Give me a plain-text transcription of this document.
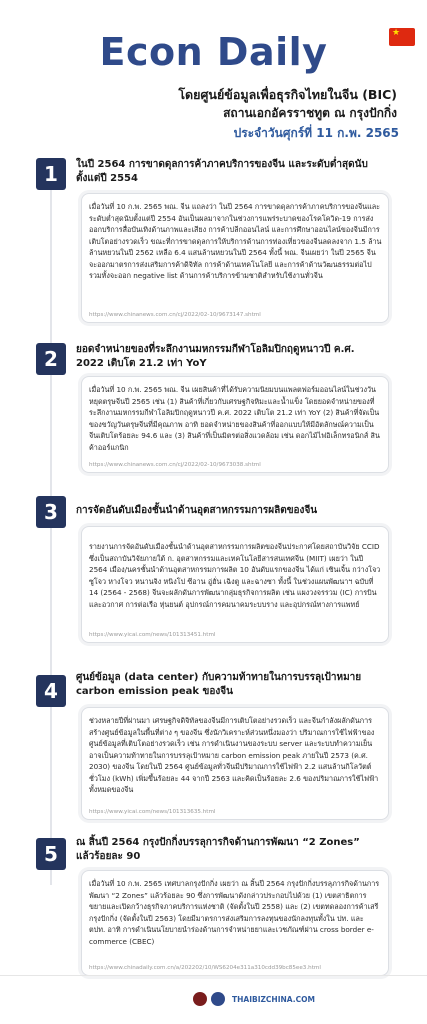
Econ Daily	★
โดยศูนย์ข้อมูลเพื่อธุรกิจไทยในจีน (BIC)
สถานเอกอัครราชทูต ณ กรุงปักกิ่ง
ประจำวันศุกร์ที่ 11 ก.พ. 2565
1	ในปี 2564 การขาดดุลการค้าภาคบริการของจีน และระดับต่ำสุดนับตั้งแต่ปี 2554
เมื่อวันที่ 10 ก.พ. 2565 พณ. จีน แถลงว่า ในปี 2564 การขาดดุลการค้าภาคบริการของจีนและระดับต่ำสุดนับตั้งแต่ปี 2554 อันเป็นผลมาจากในช่วงการแพร่ระบาดของโรคโควิด-19 การส่งออกบริการสื่อบันเทิงด้านภาพและเสียง การค้าปลีกออนไลน์ และการศึกษาออนไลน์ของจีนมีการเติบโตอย่างรวดเร็ว ขณะที่การขาดดุลการให้บริการด้านการท่องเที่ยวของจีนลดลงจาก 1.5 ล้านล้านหยวนในปี 2562 เหลือ 6.4 แสนล้านหยวนในปี 2564 ทั้งนี้ พณ. จีนเผยว่า ในปี 2565 จีนจะออกมาตรการส่งเสริมการค้าดิจิทัล การค้าด้านเทคโนโลยี และการค้าด้านวัฒนธรรมต่อไป รวมทั้งจะออก negative list ด้านการค้าบริการข้ามชาติสำหรับใช้งานทั่วจีน
https://www.chinanews.com.cn/cj/2022/02-10/9673147.shtml
2	ยอดจำหน่ายของที่ระลึกงานมหกรรมกีฬาโอลิมปิกฤดูหนาวปี ค.ศ. 2022 เติบโต 21.2 เท่า YoY
เมื่อวันที่ 10 ก.พ. 2565 พณ. จีน เผยสินค้าที่ได้รับความนิยมบนแพลตฟอร์มออนไลน์ในช่วงวันหยุดตรุษจีนปี 2565 เช่น (1) สินค้าที่เกี่ยวกับเศรษฐกิจหิมะและน้ำแข็ง โดยยอดจำหน่ายของที่ระลึกงานมหกรรมกีฬาโอลิมปิกฤดูหนาวปี ค.ศ. 2022 เติบโต 21.2 เท่า YoY (2) สินค้าที่จัดเป็นของขวัญวันตรุษจีนที่มีคุณภาพ อาทิ ยอดจำหน่ายของสินค้าที่ออกแบบให้มีอัตลักษณ์ความเป็นจีนเติบโตร้อยละ 94.6 และ (3) สินค้าที่เป็นมิตรต่อสิ่งแวดล้อม เช่น ดอกไม้ไฟอิเล็กทรอนิกส์ สินค้าออร์แกนิก
https://www.chinanews.com.cn/cj/2022/02-10/9673038.shtml
3	การจัดอันดับเมืองชั้นนำด้านอุตสาหกรรมการผลิตของจีน
รายงานการจัดอันดับเมืองชั้นนำด้านอุตสาหกรรมการผลิตของจีนประกาศโดยสถาบันวิจัย CCID ซึ่งเป็นสถาบันวิจัยภายใต้ ก. อุตสาหกรรมและเทคโนโลยีสารสนเทศจีน (MIIT) เผยว่า ในปี 2564 เมือง/นครชั้นนำด้านอุตสาหกรรมการผลิต 10 อันดับแรกของจีน ได้แก่ เซินเจิ้น กว่างโจว ซูโจว หางโจว หนานจิง หนิงโป ซีอาน อู่ฮั่น เฉิงตู และฉางซา ทั้งนี้ ในช่วงแผนพัฒนาฯ ฉบับที่ 14 (2564 - 2568) จีนจะผลักดันการพัฒนากลุ่มธุรกิจการผลิต เช่น แผงวงจรรวม (IC) การบินและอวกาศ การต่อเรือ หุ่นยนต์ อุปกรณ์การคมนาคมระบบราง และอุปกรณ์ทางการแพทย์
https://www.yicai.com/news/101313451.html
4
ศูนย์ข้อมูล (data center) กับความท้าทายในการบรรลุเป้าหมาย carbon emission peak ของจีน
ช่วงหลายปีที่ผ่านมา เศรษฐกิจดิจิทัลของจีนมีการเติบโตอย่างรวดเร็ว และจีนกำลังผลักดันการสร้างศูนย์ข้อมูลในพื้นที่ต่าง ๆ ของจีน ซึ่งนักวิเคราะห์ส่วนหนึ่งมองว่า ปริมาณการใช้ไฟฟ้าของศูนย์ข้อมูลที่เติบโตอย่างรวดเร็ว เช่น การดำเนินงานของระบบ server และระบบทำความเย็น อาจเป็นความท้าทายในการบรรลุเป้าหมาย carbon emission peak ภายในปี 2573 (ค.ศ. 2030) ของจีน โดยในปี 2564 ศูนย์ข้อมูลทั่วจีนมีปริมาณการใช้ไฟฟ้า 2.2 แสนล้านกิโลวัตต์ชั่วโมง (kWh) เพิ่มขึ้นร้อยละ 44 จากปี 2563 และคิดเป็นร้อยละ 2.6 ของปริมาณการใช้ไฟฟ้าทั้งหมดของจีน
https://www.yicai.com/news/101313635.html
5	ณ สิ้นปี 2564 กรุงปักกิ่งบรรลุการกิจด้านการพัฒนา “2 Zones” แล้วร้อยละ 90
เมื่อวันที่ 10 ก.พ. 2565 เทศบาลกรุงปักกิ่ง เผยว่า ณ สิ้นปี 2564 กรุงปักกิ่งบรรลุภารกิจด้านการพัฒนา “2 Zones” แล้วร้อยละ 90 ซึ่งการพัฒนาดังกล่าวประกอบไปด้วย (1) เขตสาธิตการขยายและเปิดกว้างธุรกิจภาคบริการแห่งชาติ (จัดตั้งในปี 2558) และ (2) เขตทดลองการค้าเสรีกรุงปักกิ่ง (จัดตั้งในปี 2563) โดยมีมาตรการส่งเสริมการลงทุนของนักลงทุนทั้งใน ปท. และ ตปท. อาทิ การดำเนินนโยบายนำร่องด้านการจำหน่ายยาและเวชภัณฑ์ผ่าน cross border e-commerce (CBEC)
https://www.chinadaily.com.cn/a/202202/10/WS6204e311a310cdd39bc85ee3.html
THAIBIZCHINA.COM
